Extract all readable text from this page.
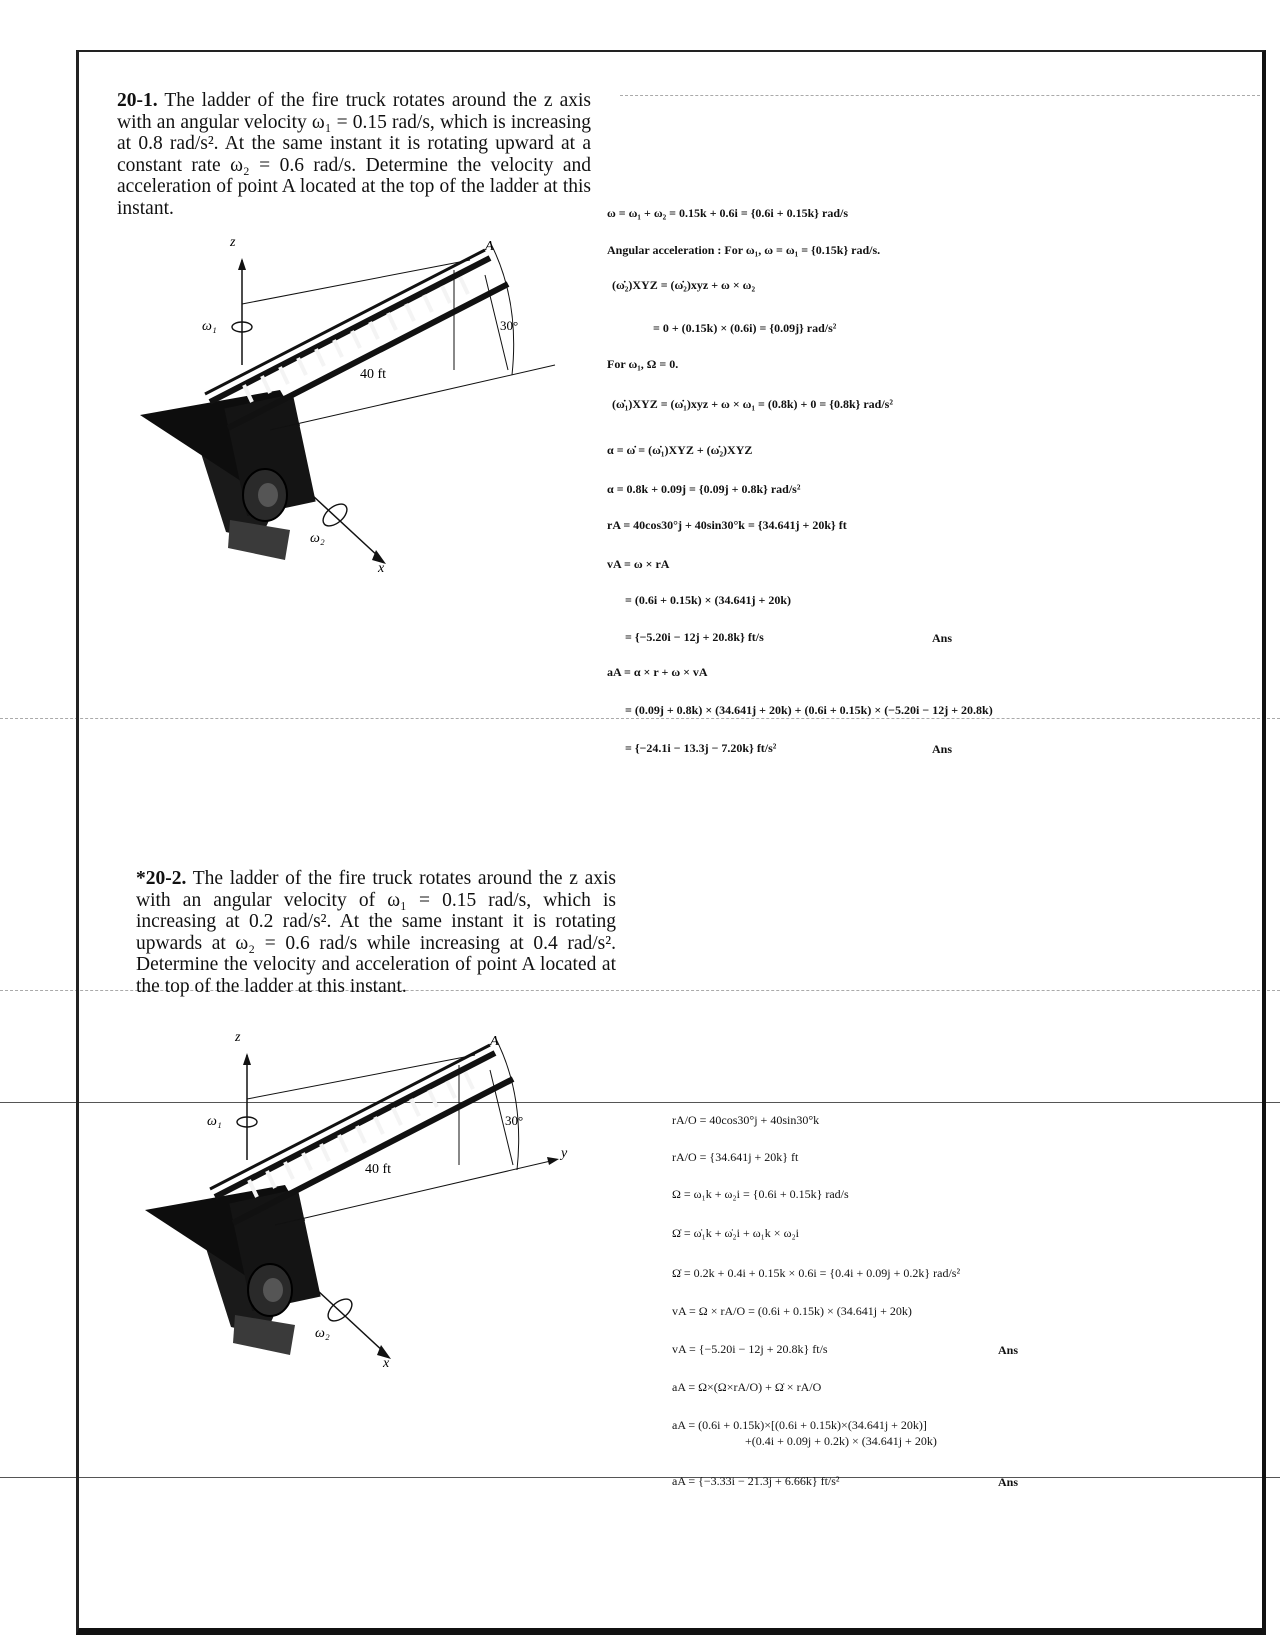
20-1. The ladder of the fire truck rotates around the z axis with an angular velocity ω₁ = 0.15 rad/s, which is increasing at 0.8 rad/s². At the same instant it is rotating upward at a constant rate ω₂ = 0.6 rad/s. Determine the velocity and acceleration of point A located at the top of the ladder at this instant.

z	A
30°
40 ft
ω₁
ω₂
x
ω = ω₁ + ω₂ = 0.15k + 0.6i = {0.6i + 0.15k} rad/s
Angular acceleration : For ω₁, ω = ω₁ = {0.15k} rad/s.
(ω̇₂)XYZ = (ω̇₂)xyz + ω × ω₂
= 0 + (0.15k) × (0.6i) = {0.09j} rad/s²
For ω₁, Ω = 0.
(ω̇₁)XYZ = (ω̇₁)xyz + ω × ω₁ = (0.8k) + 0 = {0.8k} rad/s²
α = ω̇ = (ω̇₁)XYZ + (ω̇₂)XYZ
α = 0.8k + 0.09j = {0.09j + 0.8k} rad/s²
rA = 40cos30°j + 40sin30°k = {34.641j + 20k} ft
vA = ω × rA
= (0.6i + 0.15k) × (34.641j + 20k)
= {−5.20i − 12j + 20.8k} ft/s	Ans
aA = α × r + ω × vA
= (0.09j + 0.8k) × (34.641j + 20k) + (0.6i + 0.15k) × (−5.20i − 12j + 20.8k)
= {−24.1i − 13.3j − 7.20k} ft/s²	Ans

*20-2. The ladder of the fire truck rotates around the z axis with an angular velocity of ω₁ = 0.15 rad/s, which is increasing at 0.2 rad/s². At the same instant it is rotating upwards at ω₂ = 0.6 rad/s while increasing at 0.4 rad/s². Determine the velocity and acceleration of point A located at the top of the ladder at this instant.

z	A
30°
40 ft
ω₁
ω₂
x
y
rA/O = 40cos30°j + 40sin30°k
rA/O = {34.641j + 20k} ft
Ω = ω₁k + ω₂i = {0.6i + 0.15k} rad/s
Ω̇ = ω̇₁k + ω̇₂i + ω₁k × ω₂i
Ω̇ = 0.2k + 0.4i + 0.15k × 0.6i = {0.4i + 0.09j + 0.2k} rad/s²
vA = Ω × rA/O = (0.6i + 0.15k) × (34.641j + 20k)
vA = {−5.20i − 12j + 20.8k} ft/s	Ans
aA = Ω×(Ω×rA/O) + Ω̇ × rA/O
aA = (0.6i + 0.15k)×[(0.6i + 0.15k)×(34.641j + 20k)]
+(0.4i + 0.09j + 0.2k) × (34.641j + 20k)
aA = {−3.33i − 21.3j + 6.66k} ft/s²	Ans
